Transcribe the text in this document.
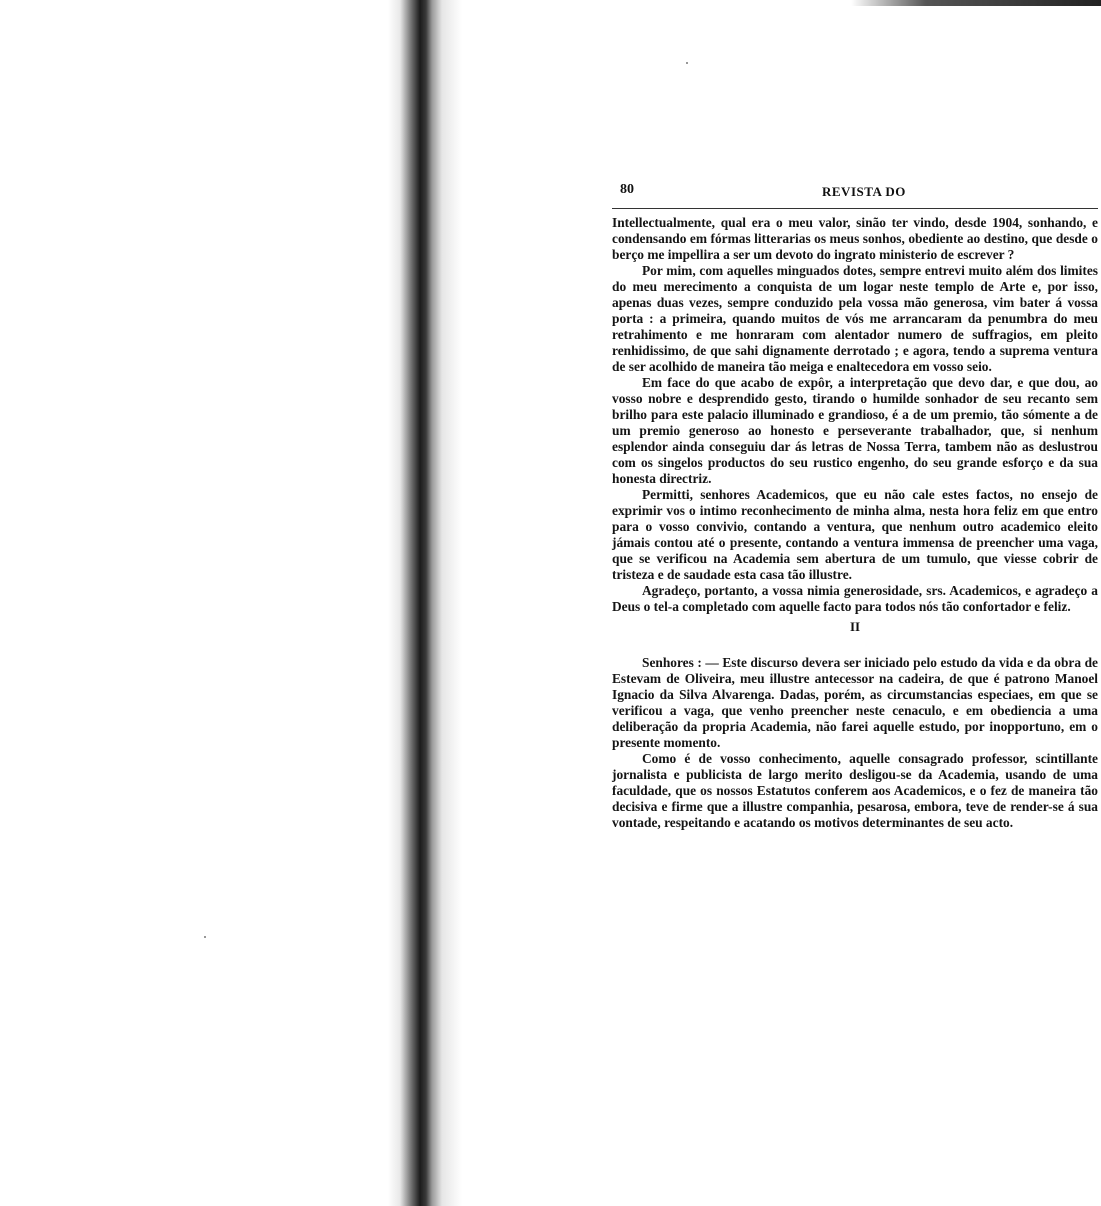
80	REVISTA DO

Intellectualmente, qual era o meu valor, sinão ter vindo, desde 1904, sonhando, e condensando em fórmas litterarias os meus sonhos, obediente ao destino, que desde o berço me impellira a ser um devoto do ingrato ministerio de escrever ?

Por mim, com aquelles minguados dotes, sempre entrevi muito além dos limites do meu merecimento a conquista de um logar neste templo de Arte e, por isso, apenas duas vezes, sempre conduzido pela vossa mão generosa, vim bater á vossa porta : a primeira, quando muitos de vós me arrancaram da penumbra do meu retrahimento e me honraram com alentador numero de suffragios, em pleito renhidissimo, de que sahi dignamente derrotado ; e agora, tendo a suprema ventura de ser acolhido de maneira tão meiga e enaltecedora em vosso seio.

Em face do que acabo de expôr, a interpretação que devo dar, e que dou, ao vosso nobre e desprendido gesto, tirando o humilde sonhador de seu recanto sem brilho para este palacio illuminado e grandioso, é a de um premio, tão sómente a de um premio generoso ao honesto e perseverante trabalhador, que, si nenhum esplendor ainda conseguiu dar ás letras de Nossa Terra, tambem não as deslustrou com os singelos productos do seu rustico engenho, do seu grande esforço e da sua honesta directriz.

Permitti, senhores Academicos, que eu não cale estes factos, no ensejo de exprimir vos o intimo reconhecimento de minha alma, nesta hora feliz em que entro para o vosso convivio, contando a ventura, que nenhum outro academico eleito jámais contou até o presente, contando a ventura immensa de preencher uma vaga, que se verificou na Academia sem abertura de um tumulo, que viesse cobrir de tristeza e de saudade esta casa tão illustre.

Agradeço, portanto, a vossa nimia generosidade, srs. Academicos, e agradeço a Deus o tel-a completado com aquelle facto para todos nós tão confortador e feliz.

II

Senhores : — Este discurso devera ser iniciado pelo estudo da vida e da obra de Estevam de Oliveira, meu illustre antecessor na cadeira, de que é patrono Manoel Ignacio da Silva Alvarenga. Dadas, porém, as circumstancias especiaes, em que se verificou a vaga, que venho preencher neste cenaculo, e em obediencia a uma deliberação da propria Academia, não farei aquelle estudo, por inopportuno, em o presente momento.

Como é de vosso conhecimento, aquelle consagrado professor, scintillante jornalista e publicista de largo merito desligou-se da Academia, usando de uma faculdade, que os nossos Estatutos conferem aos Academicos, e o fez de maneira tão decisiva e firme que a illustre companhia, pesarosa, embora, teve de render-se á sua vontade, respeitando e acatando os motivos determinantes de seu acto.
